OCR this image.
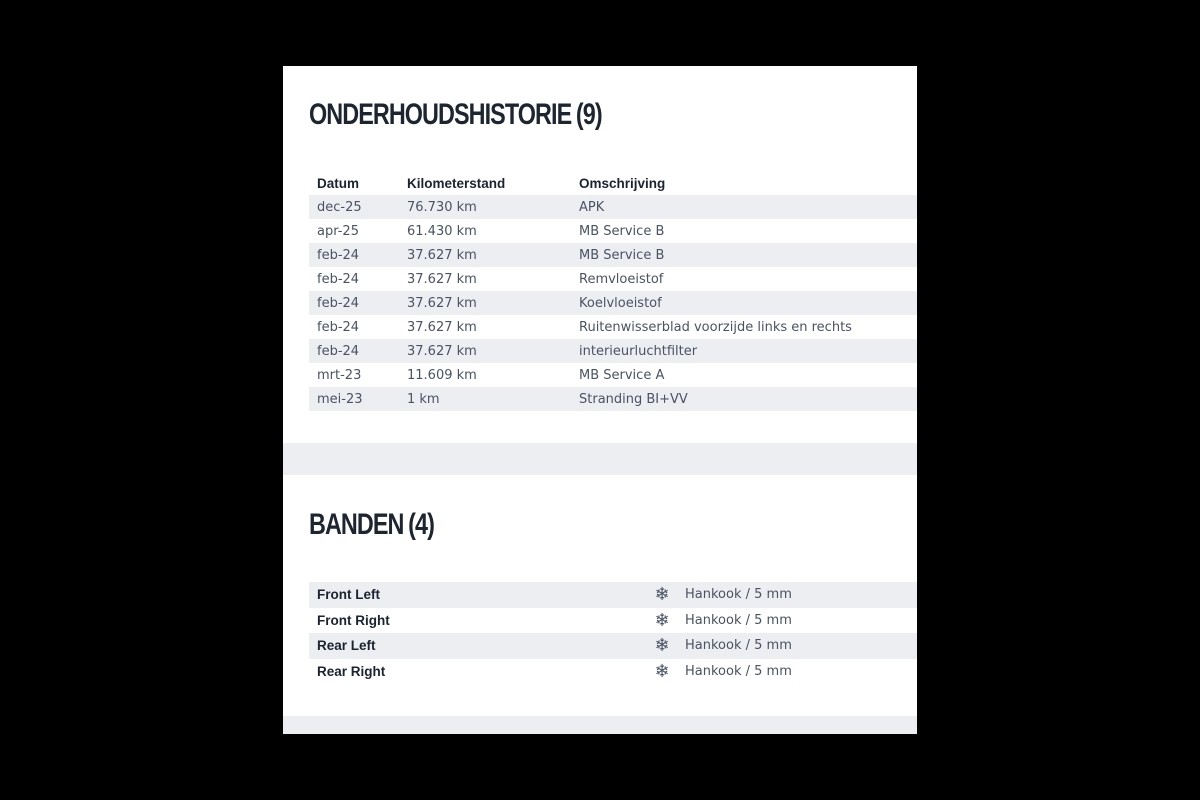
ONDERHOUDSHISTORIE (9)
Datum	Kilometerstand	Omschrijving
dec-25	76.730 km	APK
apr-25	61.430 km	MB Service B
feb-24	37.627 km	MB Service B
feb-24	37.627 km	Remvloeistof
feb-24	37.627 km	Koelvloeistof
feb-24	37.627 km	Ruitenwisserblad voorzijde links en rechts
feb-24	37.627 km	interieurluchtfilter
mrt-23	11.609 km	MB Service A
mei-23	1 km	Stranding BI+VV
BANDEN (4)
Front Left	❄ Hankook / 5 mm
Front Right	❄ Hankook / 5 mm
Rear Left	❄ Hankook / 5 mm
Rear Right	❄ Hankook / 5 mm
